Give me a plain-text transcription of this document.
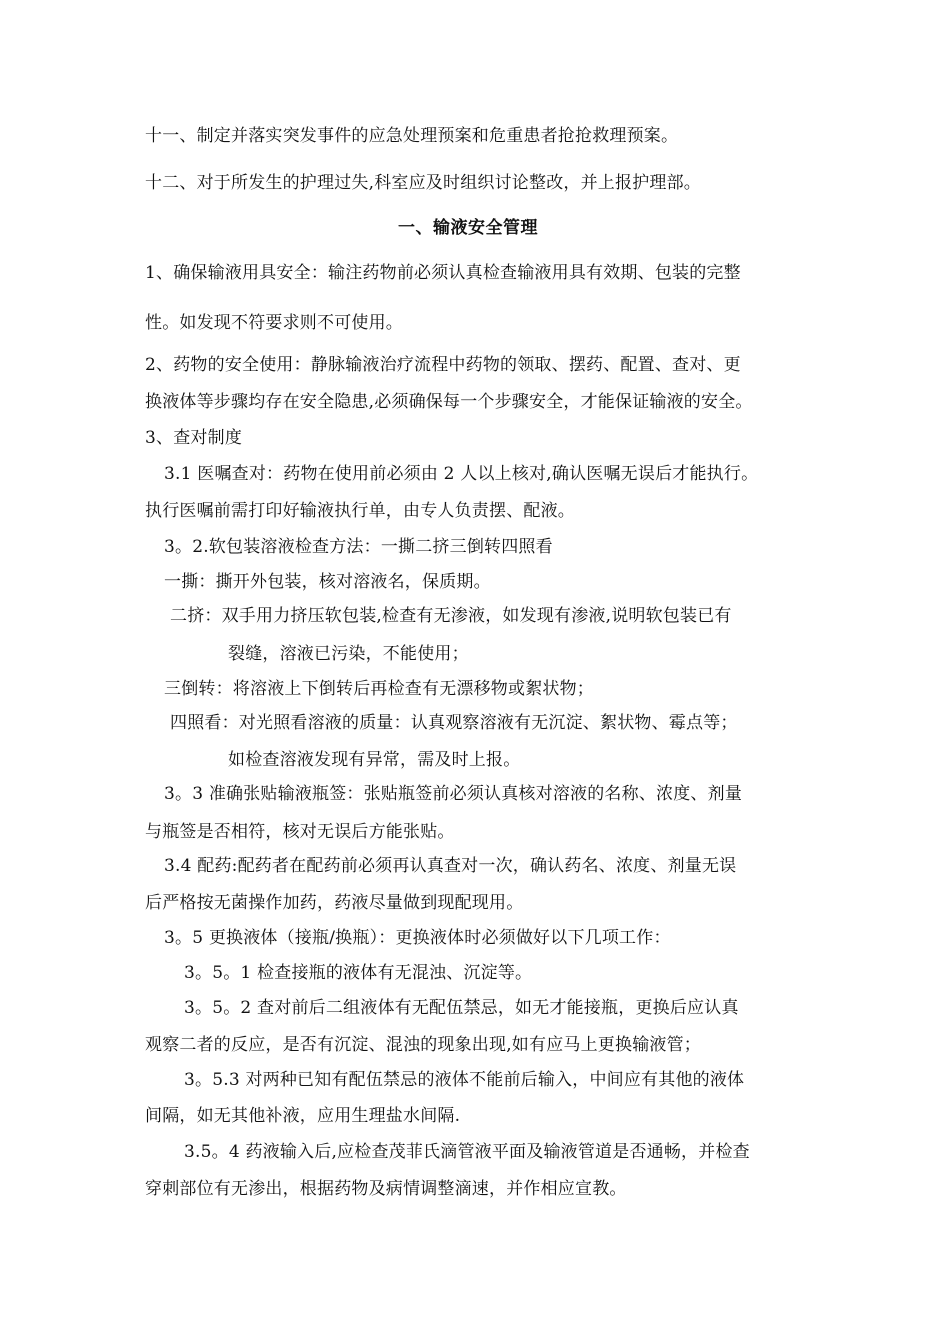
十一、制定并落实突发事件的应急处理预案和危重患者抢抢救理预案。
十二、对于所发生的护理过失,科室应及时组织讨论整改，并上报护理部。
一、输液安全管理
1、确保输液用具安全：输注药物前必须认真检查输液用具有效期、包装的完整
性。如发现不符要求则不可使用。
2、药物的安全使用：静脉输液治疗流程中药物的领取、摆药、配置、查对、更
换液体等步骤均存在安全隐患,必须确保每一个步骤安全，才能保证输液的安全。
3、查对制度
3.1 医嘱查对：药物在使用前必须由 2 人以上核对,确认医嘱无误后才能执行。
执行医嘱前需打印好输液执行单，由专人负责摆、配液。
3。2.软包装溶液检查方法：一撕二挤三倒转四照看
一撕：撕开外包装，核对溶液名，保质期。
二挤：双手用力挤压软包装,检查有无渗液，如发现有渗液,说明软包装已有
裂缝，溶液已污染，不能使用；
三倒转：将溶液上下倒转后再检查有无漂移物或絮状物；
四照看：对光照看溶液的质量：认真观察溶液有无沉淀、絮状物、霉点等；
如检查溶液发现有异常，需及时上报。
3。3 准确张贴输液瓶签：张贴瓶签前必须认真核对溶液的名称、浓度、剂量
与瓶签是否相符，核对无误后方能张贴。
3.4 配药:配药者在配药前必须再认真查对一次，确认药名、浓度、剂量无误
后严格按无菌操作加药，药液尽量做到现配现用。
3。5 更换液体（接瓶/换瓶）：更换液体时必须做好以下几项工作：
3。5。1 检查接瓶的液体有无混浊、沉淀等。
3。5。2 查对前后二组液体有无配伍禁忌，如无才能接瓶，更换后应认真
观察二者的反应，是否有沉淀、混浊的现象出现,如有应马上更换输液管；
3。5.3 对两种已知有配伍禁忌的液体不能前后输入，中间应有其他的液体
间隔，如无其他补液，应用生理盐水间隔.
3.5。4 药液输入后,应检查茂菲氏滴管液平面及输液管道是否通畅，并检查
穿刺部位有无渗出，根据药物及病情调整滴速，并作相应宣教。
